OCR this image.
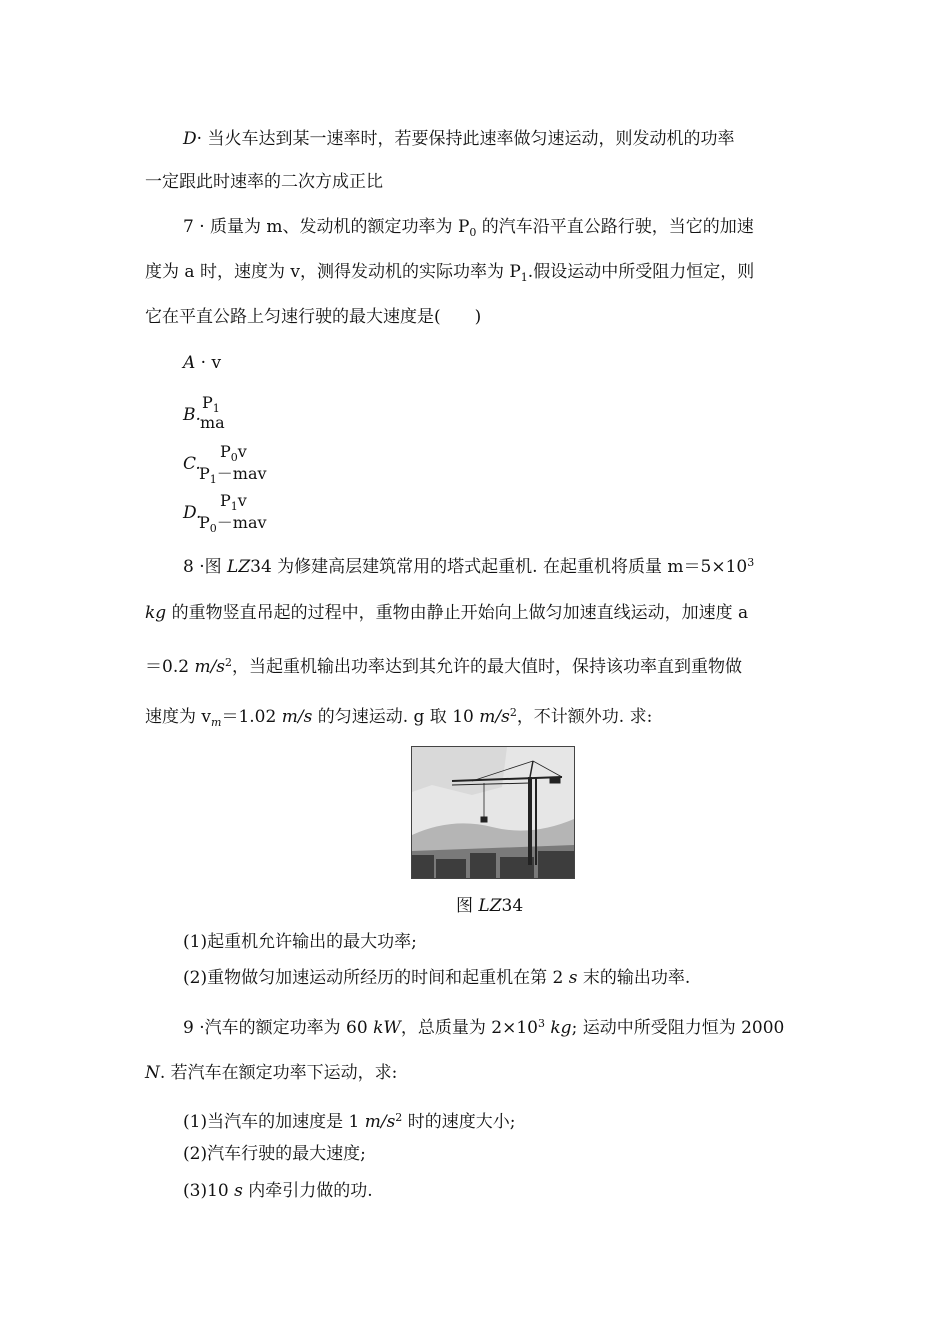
D· 当火车达到某一速率时，若要保持此速率做匀速运动，则发动机的功率
一定跟此时速率的二次方成正比
7 · 质量为 m、发动机的额定功率为 $P_0$ 的汽车沿平直公路行驶，当它的加速
度为 a 时，速度为 v，测得发动机的实际功率为 $P_1$.假设运动中所受阻力恒定，则
它在平直公路上匀速行驶的最大速度是(　　)
A · v
B.
$P_1$
ma
C.
$P_0v$
$P_1-mav$
D.
$P_1v$
$P_0-mav$
8 ·图 LZ34 为修建高层建筑常用的塔式起重机. 在起重机将质量 $m=5\times 10^3$
kg 的重物竖直吊起的过程中，重物由静止开始向上做匀加速直线运动，加速度 a
＝0.2 $m/s^2$，当起重机输出功率达到其允许的最大值时，保持该功率直到重物做
速度为 $v_m=1.02$ m/s 的匀速运动. g 取 10 $m/s^2$，不计额外功. 求:
图 LZ34
(1)起重机允许输出的最大功率;
(2)重物做匀加速运动所经历的时间和起重机在第 2 s 末的输出功率.
9 ·汽车的额定功率为 60 kW，总质量为 $2\times 10^3$ kg; 运动中所受阻力恒为 2000
N. 若汽车在额定功率下运动，求:
(1)当汽车的加速度是 1 $m/s^2$ 时的速度大小;
(2)汽车行驶的最大速度;
(3)10 s 内牵引力做的功.
